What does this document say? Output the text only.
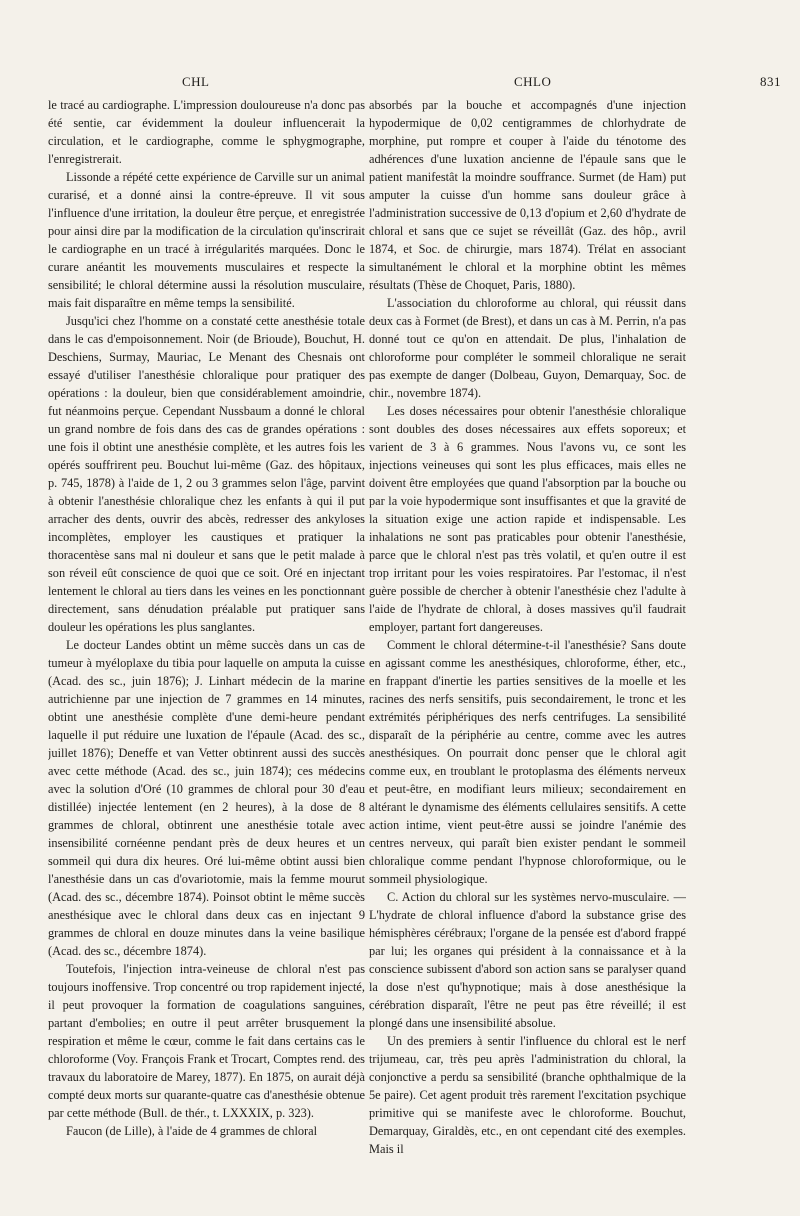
CHL	CHLO	831

le tracé au cardiographe. L'impression douloureuse n'a donc pas été sentie, car évidemment la douleur influencerait la circulation, et le cardiographe, comme le sphygmographe, l'enregistrerait.

Lissonde a répété cette expérience de Carville sur un animal curarisé, et a donné ainsi la contre-épreuve. Il vit sous l'influence d'une irritation, la douleur être perçue, et enregistrée pour ainsi dire par la modification de la circulation qu'inscrirait le cardiographe en un tracé à irrégularités marquées. Donc le curare anéantit les mouvements musculaires et respecte la sensibilité; le chloral détermine aussi la résolution musculaire, mais fait disparaître en même temps la sensibilité.

Jusqu'ici chez l'homme on a constaté cette anesthésie totale dans le cas d'empoisonnement. Noir (de Brioude), Bouchut, H. Deschiens, Surmay, Mauriac, Le Menant des Chesnais ont essayé d'utiliser l'anesthésie chloralique pour pratiquer des opérations : la douleur, bien que considérablement amoindrie, fut néanmoins perçue. Cependant Nussbaum a donné le chloral un grand nombre de fois dans des cas de grandes opérations : une fois il obtint une anesthésie complète, et les autres fois les opérés souffrirent peu. Bouchut lui-même (Gaz. des hôpitaux, p. 745, 1878) à l'aide de 1, 2 ou 3 grammes selon l'âge, parvint à obtenir l'anesthésie chloralique chez les enfants à qui il put arracher des dents, ouvrir des abcès, redresser des ankyloses incomplètes, employer les caustiques et pratiquer la thoracentèse sans mal ni douleur et sans que le petit malade à son réveil eût conscience de quoi que ce soit. Oré en injectant lentement le chloral au tiers dans les veines en les ponctionnant directement, sans dénudation préalable put pratiquer sans douleur les opérations les plus sanglantes.

Le docteur Landes obtint un même succès dans un cas de tumeur à myéloplaxe du tibia pour laquelle on amputa la cuisse (Acad. des sc., juin 1876); J. Linhart médecin de la marine autrichienne par une injection de 7 grammes en 14 minutes, obtint une anesthésie complète d'une demi-heure pendant laquelle il put réduire une luxation de l'épaule (Acad. des sc., juillet 1876); Deneffe et van Vetter obtinrent aussi des succès avec cette méthode (Acad. des sc., juin 1874); ces médecins avec la solution d'Oré (10 grammes de chloral pour 30 d'eau distillée) injectée lentement (en 2 heures), à la dose de 8 grammes de chloral, obtinrent une anesthésie totale avec insensibilité cornéenne pendant près de deux heures et un sommeil qui dura dix heures. Oré lui-même obtint aussi bien l'anesthésie dans un cas d'ovariotomie, mais la femme mourut (Acad. des sc., décembre 1874). Poinsot obtint le même succès anesthésique avec le chloral dans deux cas en injectant 9 grammes de chloral en douze minutes dans la veine basilique (Acad. des sc., décembre 1874).

Toutefois, l'injection intra-veineuse de chloral n'est pas toujours inoffensive. Trop concentré ou trop rapidement injecté, il peut provoquer la formation de coagulations sanguines, partant d'embolies; en outre il peut arrêter brusquement la respiration et même le cœur, comme le fait dans certains cas le chloroforme (Voy. François Frank et Trocart, Comptes rend. des travaux du laboratoire de Marey, 1877). En 1875, on aurait déjà compté deux morts sur quarante-quatre cas d'anesthésie obtenue par cette méthode (Bull. de thér., t. LXXXIX, p. 323).

Faucon (de Lille), à l'aide de 4 grammes de chloral

absorbés par la bouche et accompagnés d'une injection hypodermique de 0,02 centigrammes de chlorhydrate de morphine, put rompre et couper à l'aide du ténotome des adhérences d'une luxation ancienne de l'épaule sans que le patient manifestât la moindre souffrance. Surmet (de Ham) put amputer la cuisse d'un homme sans douleur grâce à l'administration successive de 0,13 d'opium et 2,60 d'hydrate de chloral et sans que ce sujet se réveillât (Gaz. des hôp., avril 1874, et Soc. de chirurgie, mars 1874). Trélat en associant simultanément le chloral et la morphine obtint les mêmes résultats (Thèse de Choquet, Paris, 1880).

L'association du chloroforme au chloral, qui réussit dans deux cas à Formet (de Brest), et dans un cas à M. Perrin, n'a pas donné tout ce qu'on en attendait. De plus, l'inhalation de chloroforme pour compléter le sommeil chloralique ne serait pas exempte de danger (Dolbeau, Guyon, Demarquay, Soc. de chir., novembre 1874).

Les doses nécessaires pour obtenir l'anesthésie chloralique sont doubles des doses nécessaires aux effets soporeux; et varient de 3 à 6 grammes. Nous l'avons vu, ce sont les injections veineuses qui sont les plus efficaces, mais elles ne doivent être employées que quand l'absorption par la bouche ou par la voie hypodermique sont insuffisantes et que la gravité de la situation exige une action rapide et indispensable. Les inhalations ne sont pas praticables pour obtenir l'anesthésie, parce que le chloral n'est pas très volatil, et qu'en outre il est trop irritant pour les voies respiratoires. Par l'estomac, il n'est guère possible de chercher à obtenir l'anesthésie chez l'adulte à l'aide de l'hydrate de chloral, à doses massives qu'il faudrait employer, partant fort dangereuses.

Comment le chloral détermine-t-il l'anesthésie? Sans doute en agissant comme les anesthésiques, chloroforme, éther, etc., en frappant d'inertie les parties sensitives de la moelle et les racines des nerfs sensitifs, puis secondairement, le tronc et les extrémités périphériques des nerfs centrifuges. La sensibilité disparaît de la périphérie au centre, comme avec les autres anesthésiques. On pourrait donc penser que le chloral agit comme eux, en troublant le protoplasma des éléments nerveux et peut-être, en modifiant leurs milieux; secondairement en altérant le dynamisme des éléments cellulaires sensitifs. A cette action intime, vient peut-être aussi se joindre l'anémie des centres nerveux, qui paraît bien exister pendant le sommeil chloralique comme pendant l'hypnose chloroformique, ou le sommeil physiologique.

C. Action du chloral sur les systèmes nervo-musculaire. — L'hydrate de chloral influence d'abord la substance grise des hémisphères cérébraux; l'organe de la pensée est d'abord frappé par lui; les organes qui président à la connaissance et à la conscience subissent d'abord son action sans se paralyser quand la dose n'est qu'hypnotique; mais à dose anesthésique la cérébration disparaît, l'être ne peut pas être réveillé; il est plongé dans une insensibilité absolue.

Un des premiers à sentir l'influence du chloral est le nerf trijumeau, car, très peu après l'administration du chloral, la conjonctive a perdu sa sensibilité (branche ophthalmique de la 5e paire). Cet agent produit très rarement l'excitation psychique primitive qui se manifeste avec le chloroforme. Bouchut, Demarquay, Giraldès, etc., en ont cependant cité des exemples. Mais il
